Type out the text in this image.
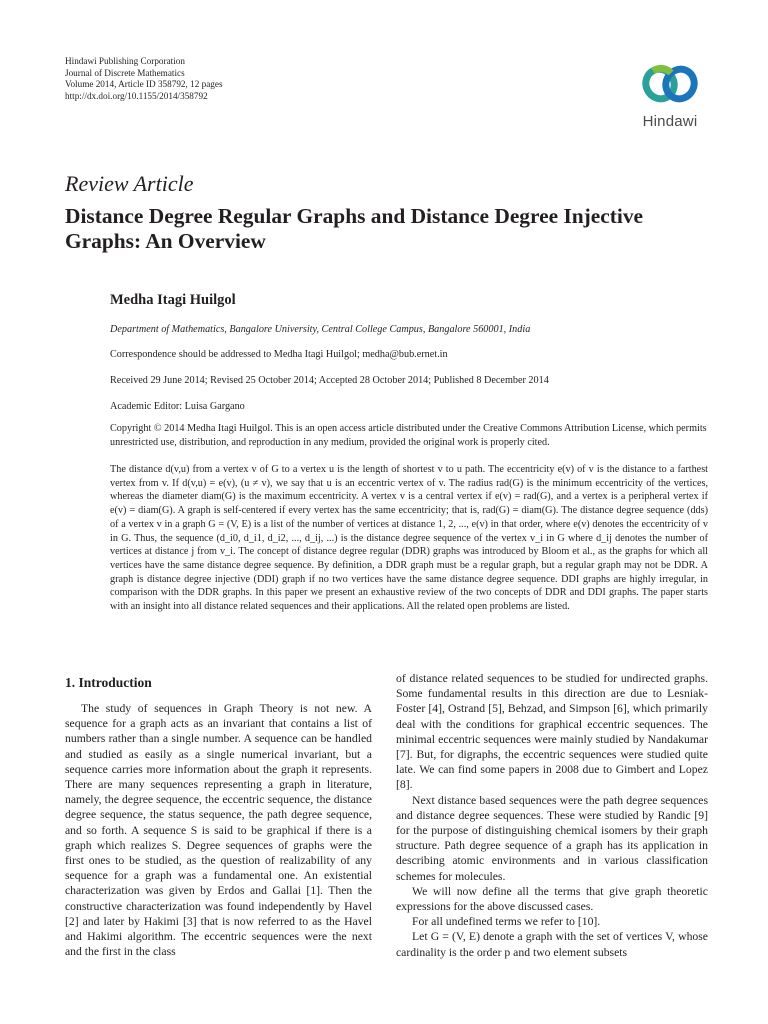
Hindawi Publishing Corporation
Journal of Discrete Mathematics
Volume 2014, Article ID 358792, 12 pages
http://dx.doi.org/10.1155/2014/358792
Hindawi
Review Article
Distance Degree Regular Graphs and Distance Degree Injective Graphs: An Overview
Medha Itagi Huilgol
Department of Mathematics, Bangalore University, Central College Campus, Bangalore 560001, India
Correspondence should be addressed to Medha Itagi Huilgol; medha@bub.ernet.in
Received 29 June 2014; Revised 25 October 2014; Accepted 28 October 2014; Published 8 December 2014
Academic Editor: Luisa Gargano
Copyright © 2014 Medha Itagi Huilgol. This is an open access article distributed under the Creative Commons Attribution License, which permits unrestricted use, distribution, and reproduction in any medium, provided the original work is properly cited.
The distance d(v,u) from a vertex v of G to a vertex u is the length of shortest v to u path. The eccentricity e(v) of v is the distance to a farthest vertex from v. If d(v,u) = e(v), (u ≠ v), we say that u is an eccentric vertex of v. The radius rad(G) is the minimum eccentricity of the vertices, whereas the diameter diam(G) is the maximum eccentricity. A vertex v is a central vertex if e(v) = rad(G), and a vertex is a peripheral vertex if e(v) = diam(G). A graph is self-centered if every vertex has the same eccentricity; that is, rad(G) = diam(G). The distance degree sequence (dds) of a vertex v in a graph G = (V, E) is a list of the number of vertices at distance 1, 2, ..., e(v) in that order, where e(v) denotes the eccentricity of v in G. Thus, the sequence (d_i0, d_i1, d_i2, ..., d_ij, ...) is the distance degree sequence of the vertex v_i in G where d_ij denotes the number of vertices at distance j from v_i. The concept of distance degree regular (DDR) graphs was introduced by Bloom et al., as the graphs for which all vertices have the same distance degree sequence. By definition, a DDR graph must be a regular graph, but a regular graph may not be DDR. A graph is distance degree injective (DDI) graph if no two vertices have the same distance degree sequence. DDI graphs are highly irregular, in comparison with the DDR graphs. In this paper we present an exhaustive review of the two concepts of DDR and DDI graphs. The paper starts with an insight into all distance related sequences and their applications. All the related open problems are listed.
1. Introduction

The study of sequences in Graph Theory is not new. A sequence for a graph acts as an invariant that contains a list of numbers rather than a single number. A sequence can be handled and studied as easily as a single numerical invariant, but a sequence carries more information about the graph it represents. There are many sequences representing a graph in literature, namely, the degree sequence, the eccentric sequence, the distance degree sequence, the status sequence, the path degree sequence, and so forth. A sequence S is said to be graphical if there is a graph which realizes S. Degree sequences of graphs were the first ones to be studied, as the question of realizability of any sequence for a graph was a fundamental one. An existential characterization was given by Erdos and Gallai [1]. Then the constructive characterization was found independently by Havel [2] and later by Hakimi [3] that is now referred to as the Havel and Hakimi algorithm. The eccentric sequences were the next and the first in the class

of distance related sequences to be studied for undirected graphs. Some fundamental results in this direction are due to Lesniak-Foster [4], Ostrand [5], Behzad, and Simpson [6], which primarily deal with the conditions for graphical eccentric sequences. The minimal eccentric sequences were mainly studied by Nandakumar [7]. But, for digraphs, the eccentric sequences were studied quite late. We can find some papers in 2008 due to Gimbert and Lopez [8].

Next distance based sequences were the path degree sequences and distance degree sequences. These were studied by Randic [9] for the purpose of distinguishing chemical isomers by their graph structure. Path degree sequence of a graph has its application in describing atomic environments and in various classification schemes for molecules.

We will now define all the terms that give graph theoretic expressions for the above discussed cases.

For all undefined terms we refer to [10].

Let G = (V, E) denote a graph with the set of vertices V, whose cardinality is the order p and two element subsets
